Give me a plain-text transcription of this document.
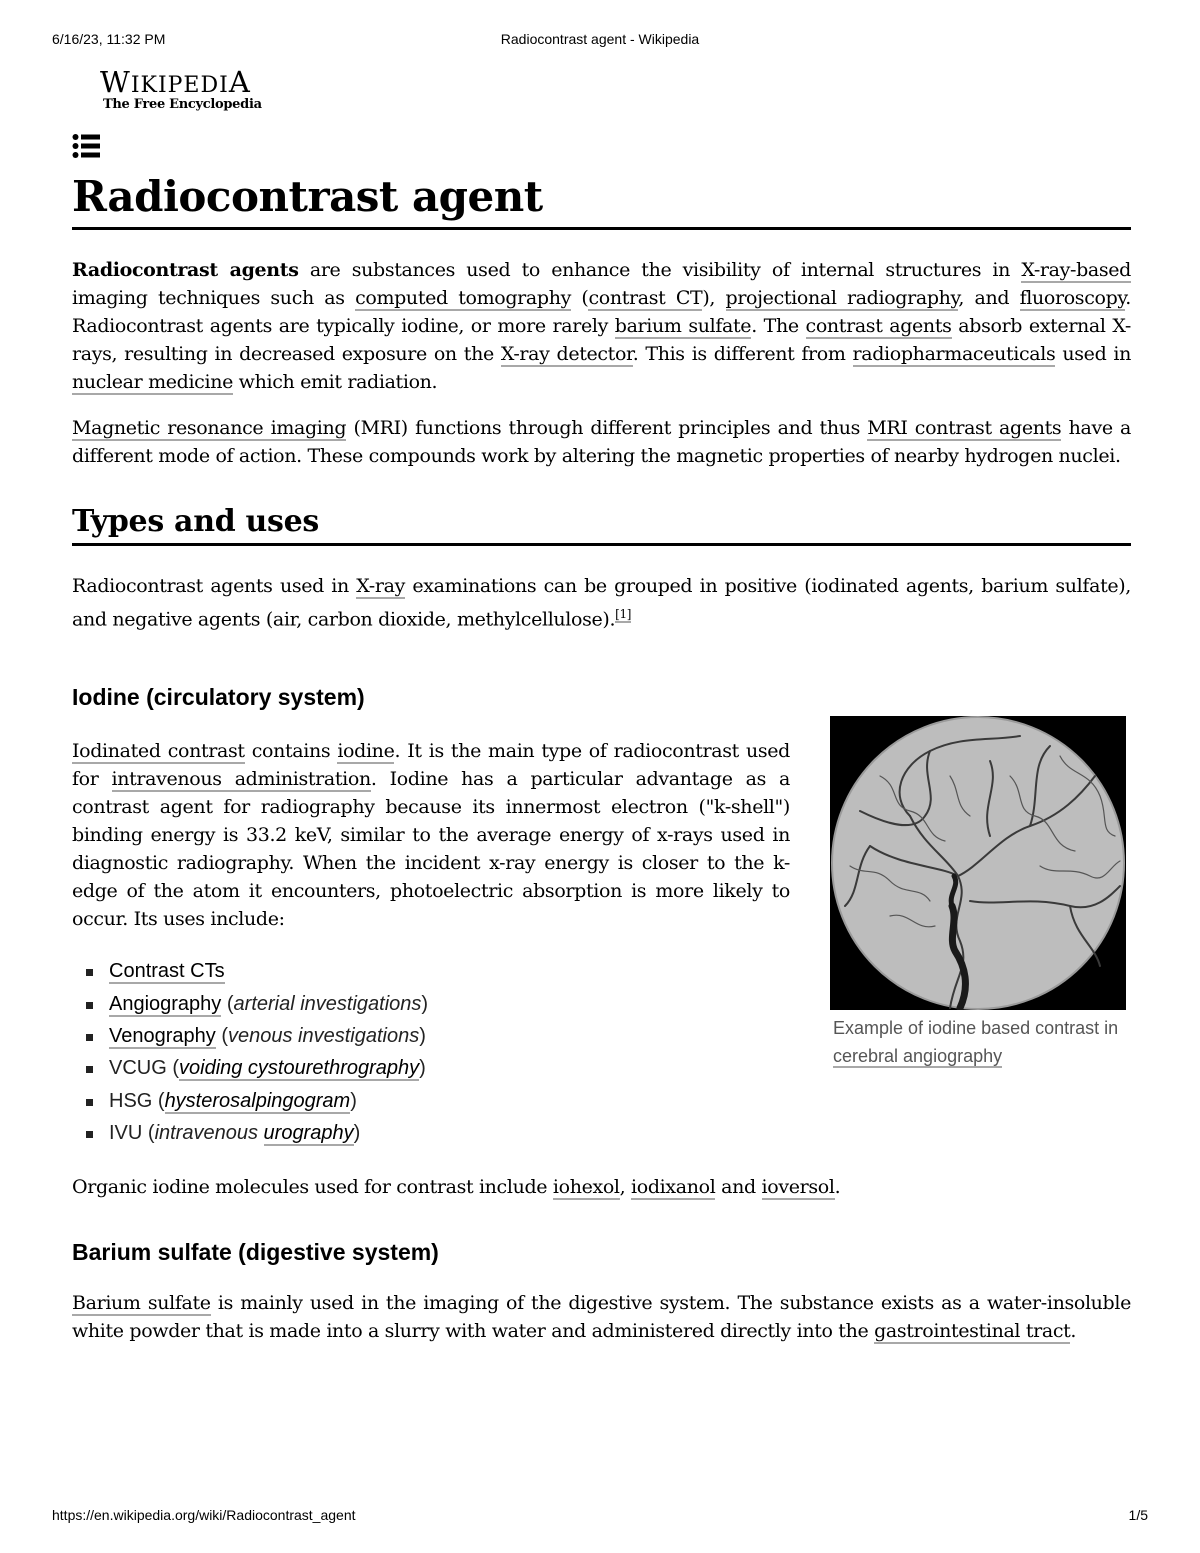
6/16/23, 11:32 PM	Radiocontrast agent - Wikipedia
WIKIPEDIA
The Free Encyclopedia
Radiocontrast agent

Radiocontrast agents are substances used to enhance the visibility of internal structures in X-ray-based imaging techniques such as computed tomography (contrast CT), projectional radiography, and fluoroscopy. Radiocontrast agents are typically iodine, or more rarely barium sulfate. The contrast agents absorb external X-rays, resulting in decreased exposure on the X-ray detector. This is different from radiopharmaceuticals used in nuclear medicine which emit radiation.

Magnetic resonance imaging (MRI) functions through different principles and thus MRI contrast agents have a different mode of action. These compounds work by altering the magnetic properties of nearby hydrogen nuclei.

Types and uses

Radiocontrast agents used in X-ray examinations can be grouped in positive (iodinated agents, barium sulfate), and negative agents (air, carbon dioxide, methylcellulose).[1]

Iodine (circulatory system)

Iodinated contrast contains iodine. It is the main type of radiocontrast used for intravenous administration. Iodine has a particular advantage as a contrast agent for radiography because its innermost electron ("k-shell") binding energy is 33.2 keV, similar to the average energy of x-rays used in diagnostic radiography. When the incident x-ray energy is closer to the k-edge of the atom it encounters, photoelectric absorption is more likely to occur. Its uses include:

Contrast CTs
Angiography (arterial investigations)
Venography (venous investigations)
VCUG (voiding cystourethrography)
HSG (hysterosalpingogram)
IVU (intravenous urography)
Example of iodine based contrast in cerebral angiography

Organic iodine molecules used for contrast include iohexol, iodixanol and ioversol.

Barium sulfate (digestive system)

Barium sulfate is mainly used in the imaging of the digestive system. The substance exists as a water-insoluble white powder that is made into a slurry with water and administered directly into the gastrointestinal tract.

https://en.wikipedia.org/wiki/Radiocontrast_agent	1/5
